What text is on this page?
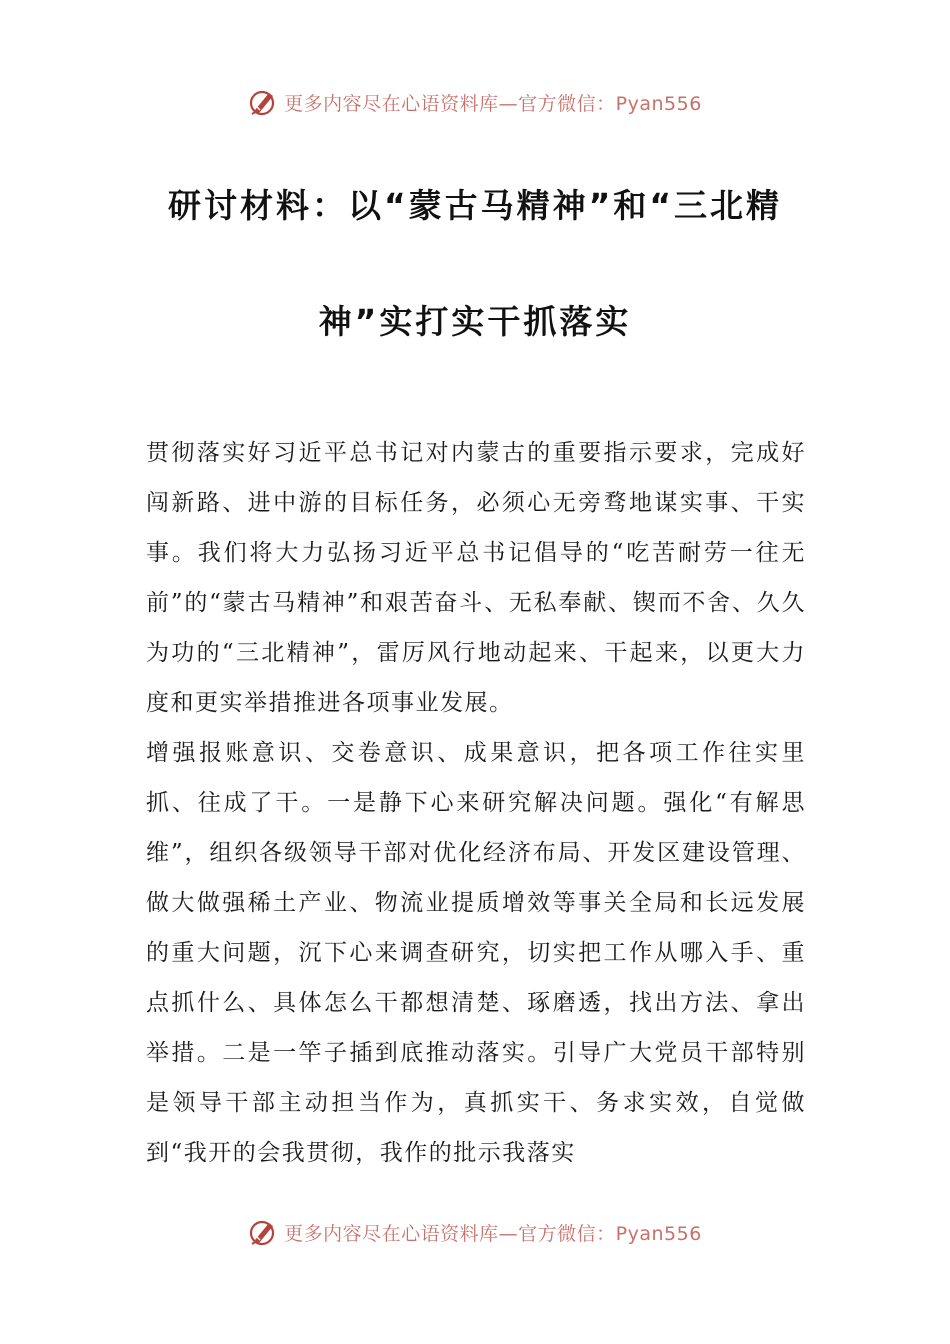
更多内容尽在心语资料库—官方微信：Pyan556
研讨材料：以“蒙古马精神”和“三北精
神”实打实干抓落实

贯彻落实好习近平总书记对内蒙古的重要指示要求，完成好闯新路、进中游的目标任务，必须心无旁骛地谋实事、干实事。我们将大力弘扬习近平总书记倡导的“吃苦耐劳一往无前”的“蒙古马精神”和艰苦奋斗、无私奉献、锲而不舍、久久为功的“三北精神”，雷厉风行地动起来、干起来，以更大力度和更实举措推进各项事业发展。

增强报账意识、交卷意识、成果意识，把各项工作往实里抓、往成了干。一是静下心来研究解决问题。强化“有解思维”，组织各级领导干部对优化经济布局、开发区建设管理、做大做强稀土产业、物流业提质增效等事关全局和长远发展的重大问题，沉下心来调查研究，切实把工作从哪入手、重点抓什么、具体怎么干都想清楚、琢磨透，找出方法、拿出举措。二是一竿子插到底推动落实。引导广大党员干部特别是领导干部主动担当作为，真抓实干、务求实效，自觉做到“我开的会我贯彻，我作的批示我落实

更多内容尽在心语资料库—官方微信：Pyan556
